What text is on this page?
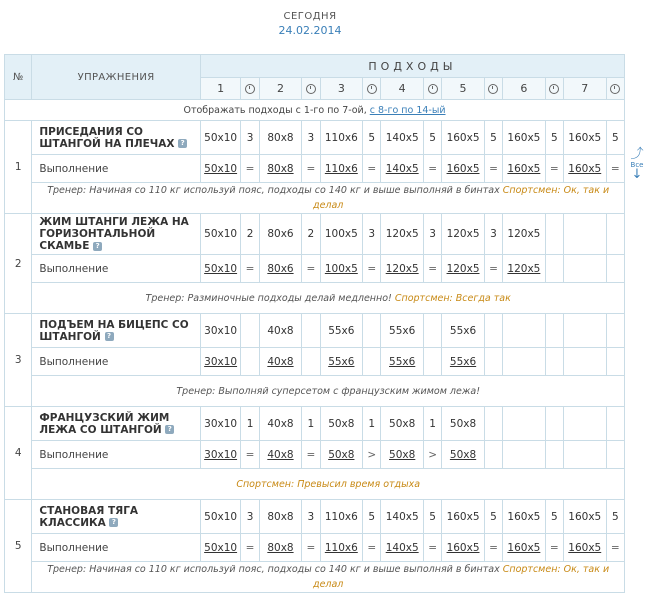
СЕГОДНЯ
24.02.2014
№	УПРАЖНЕНИЯ	ПОДХОДЫ													
		1		2		3		4		5		6		7	
Отображать подходы с 1-го по 7-ой, с 8-го по 14-ый															
1	ПРИСЕДАНИЯ СО ШТАНГОЙ НА ПЛЕЧАХ ?	50x10	3	80x8	3	110x6	5	140x5	5	160x5	5	160x5	5	160x5	5
	Выполнение	50x10	=	80x8	=	110x6	=	140x5	=	160x5	=	160x5	=	160x5	=
	Тренер: Начиная со 110 кг используй пояс, подходы со 140 кг и выше выполняй в бинтах Спортсмен: Ок, так и делал														
2	ЖИМ ШТАНГИ ЛЕЖА НА ГОРИЗОНТАЛЬНОЙ СКАМЬЕ ?	50x10	2	80x6	2	100x5	3	120x5	3	120x5	3	120x5			
	Выполнение	50x10	=	80x6	=	100x5	=	120x5	=	120x5	=	120x5			
	Тренер: Разминочные подходы делай медленно! Спортсмен: Всегда так														
3	ПОДЪЕМ НА БИЦЕПС СО ШТАНГОЙ ?	30x10		40x8		55x6		55x6		55x6					
	Выполнение	30x10		40x8		55x6		55x6		55x6					
	Тренер: Выполняй суперсетом с французским жимом лежа!														
4	ФРАНЦУЗСКИЙ ЖИМ ЛЕЖА СО ШТАНГОЙ ?	30x10	1	40x8	1	50x8	1	50x8	1	50x8					
	Выполнение	30x10	=	40x8	=	50x8	>	50x8	>	50x8					
	Спортсмен: Превысил время отдыха														
5	СТАНОВАЯ ТЯГА КЛАССИКА ?	50x10	3	80x8	3	110x6	5	140x5	5	160x5	5	160x5	5	160x5	5
	Выполнение	50x10	=	80x8	=	110x6	=	140x5	=	160x5	=	160x5	=	160x5	=
	Тренер: Начиная со 110 кг используй пояс, подходы со 140 кг и выше выполняй в бинтах Спортсмен: Ок, так и делал														
⤴
Все
↓
